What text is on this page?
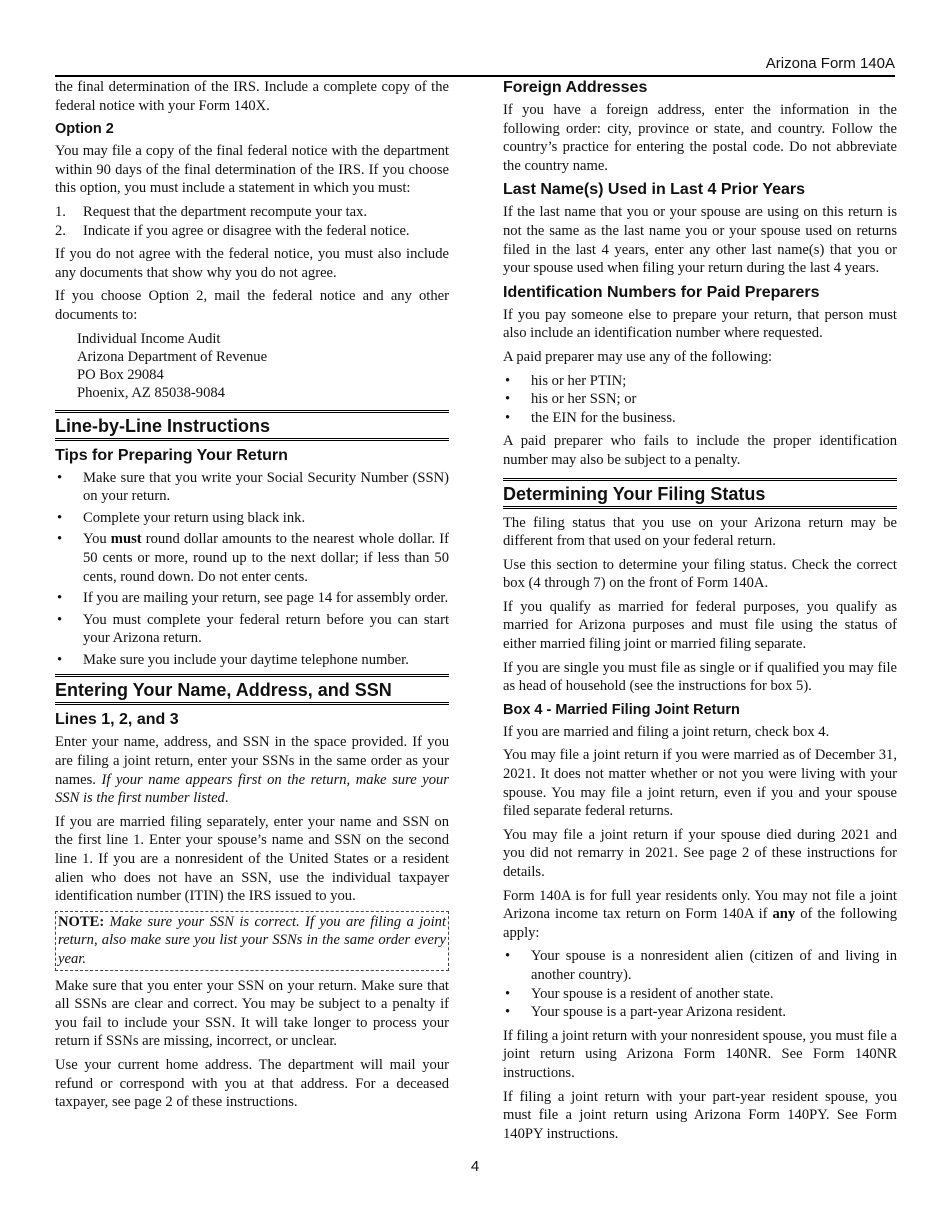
Arizona Form 140A

the final determination of the IRS. Include a complete copy of the federal notice with your Form 140X.

Option 2

You may file a copy of the final federal notice with the department within 90 days of the final determination of the IRS. If you choose this option, you must include a statement in which you must:

1. Request that the department recompute your tax.
2. Indicate if you agree or disagree with the federal notice.

If you do not agree with the federal notice, you must also include any documents that show why you do not agree.

If you choose Option 2, mail the federal notice and any other documents to:

Individual Income Audit
Arizona Department of Revenue
PO Box 29084
Phoenix, AZ 85038-9084
Line-by-Line Instructions
Tips for Preparing Your Return
• Make sure that you write your Social Security Number (SSN) on your return.
• Complete your return using black ink.
• You must round dollar amounts to the nearest whole dollar. If 50 cents or more, round up to the next dollar; if less than 50 cents, round down. Do not enter cents.
• If you are mailing your return, see page 14 for assembly order.
• You must complete your federal return before you can start your Arizona return.
• Make sure you include your daytime telephone number.
Entering Your Name, Address, and SSN
Lines 1, 2, and 3

Enter your name, address, and SSN in the space provided. If you are filing a joint return, enter your SSNs in the same order as your names. If your name appears first on the return, make sure your SSN is the first number listed.

If you are married filing separately, enter your name and SSN on the first line 1. Enter your spouse’s name and SSN on the second line 1. If you are a nonresident of the United States or a resident alien who does not have an SSN, use the individual taxpayer identification number (ITIN) the IRS issued to you.

NOTE: Make sure your SSN is correct. If you are filing a joint return, also make sure you list your SSNs in the same order every year.

Make sure that you enter your SSN on your return. Make sure that all SSNs are clear and correct. You may be subject to a penalty if you fail to include your SSN. It will take longer to process your return if SSNs are missing, incorrect, or unclear.

Use your current home address. The department will mail your refund or correspond with you at that address. For a deceased taxpayer, see page 2 of these instructions.

Foreign Addresses

If you have a foreign address, enter the information in the following order: city, province or state, and country. Follow the country’s practice for entering the postal code. Do not abbreviate the country name.

Last Name(s) Used in Last 4 Prior Years

If the last name that you or your spouse are using on this return is not the same as the last name you or your spouse used on returns filed in the last 4 years, enter any other last name(s) that you or your spouse used when filing your return during the last 4 years.

Identification Numbers for Paid Preparers

If you pay someone else to prepare your return, that person must also include an identification number where requested.

A paid preparer may use any of the following:

• his or her PTIN;
• his or her SSN; or
• the EIN for the business.

A paid preparer who fails to include the proper identification number may also be subject to a penalty.

Determining Your Filing Status

The filing status that you use on your Arizona return may be different from that used on your federal return.

Use this section to determine your filing status. Check the correct box (4 through 7) on the front of Form 140A.

If you qualify as married for federal purposes, you qualify as married for Arizona purposes and must file using the status of either married filing joint or married filing separate.

If you are single you must file as single or if qualified you may file as head of household (see the instructions for box 5).

Box 4 - Married Filing Joint Return

If you are married and filing a joint return, check box 4.

You may file a joint return if you were married as of December 31, 2021. It does not matter whether or not you were living with your spouse. You may file a joint return, even if you and your spouse filed separate federal returns.

You may file a joint return if your spouse died during 2021 and you did not remarry in 2021. See page 2 of these instructions for details.

Form 140A is for full year residents only. You may not file a joint Arizona income tax return on Form 140A if any of the following apply:

• Your spouse is a nonresident alien (citizen of and living in another country).
• Your spouse is a resident of another state.
• Your spouse is a part-year Arizona resident.

If filing a joint return with your nonresident spouse, you must file a joint return using Arizona Form 140NR. See Form 140NR instructions.

If filing a joint return with your part-year resident spouse, you must file a joint return using Arizona Form 140PY. See Form 140PY instructions.

4
